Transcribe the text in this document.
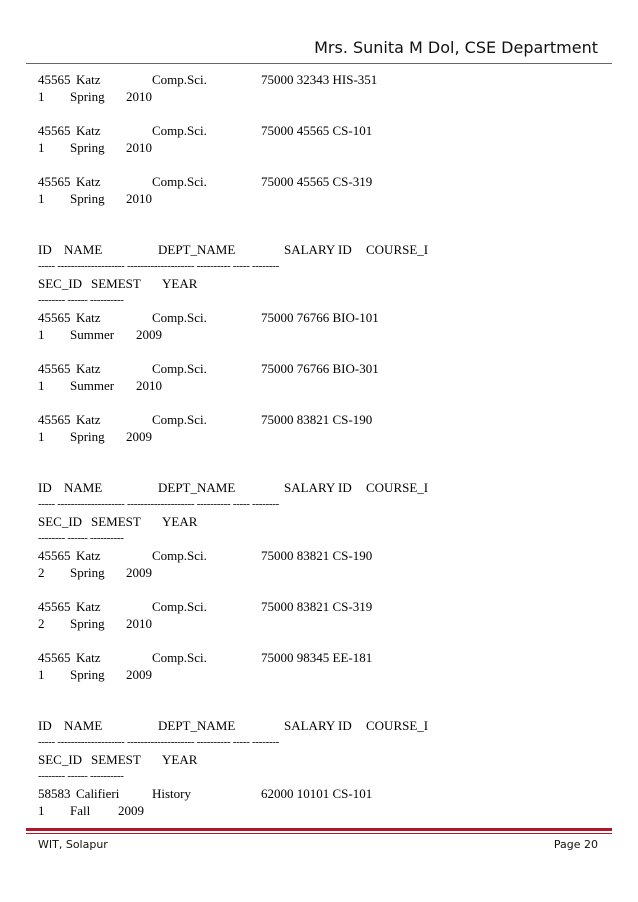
Mrs. Sunita M Dol, CSE Department
45565 Katz	Comp.Sci.	75000 32343 HIS-351
1 Spring 2010
45565 Katz	Comp.Sci.	75000 45565 CS-101
1 Spring 2010
45565 Katz	Comp.Sci.	75000 45565 CS-319
1 Spring 2010
ID NAME	DEPT_NAME	SALARY ID COURSE_I
----- -------------------- -------------------- ---------- ----- --------
SEC_ID SEMEST YEAR
-------- ------ ----------
45565 Katz	Comp.Sci.	75000 76766 BIO-101
1 Summer 2009
45565 Katz	Comp.Sci.	75000 76766 BIO-301
1 Summer 2010
45565 Katz	Comp.Sci.	75000 83821 CS-190
1 Spring 2009
ID NAME	DEPT_NAME	SALARY ID COURSE_I
----- -------------------- -------------------- ---------- ----- --------
SEC_ID SEMEST YEAR
-------- ------ ----------
45565 Katz	Comp.Sci.	75000 83821 CS-190
2 Spring 2009
45565 Katz	Comp.Sci.	75000 83821 CS-319
2 Spring 2010
45565 Katz	Comp.Sci.	75000 98345 EE-181
1 Spring 2009
ID NAME	DEPT_NAME	SALARY ID COURSE_I
----- -------------------- -------------------- ---------- ----- --------
SEC_ID SEMEST YEAR
-------- ------ ----------
58583 Califieri	History	62000 10101 CS-101
1 Fall 2009
WIT, Solapur	Page 20
